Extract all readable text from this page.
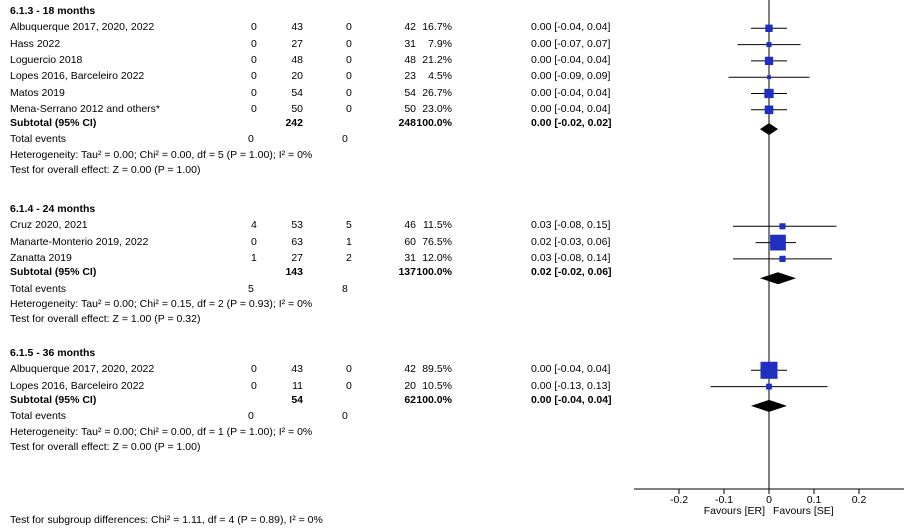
6.1.3 - 18 months
Albuquerque 2017, 2020, 2022	0	43	0	42 16.7%	0.00 [-0.04, 0.04]
Hass 2022	0	27	0	31	7.9%	0.00 [-0.07, 0.07]
Loguercio 2018	0	48	0	48 21.2%	0.00 [-0.04, 0.04]
Lopes 2016, Barceleiro 2022	0	20	0	23	4.5%	0.00 [-0.09, 0.09]
Matos 2019	0	54	0	54 26.7%	0.00 [-0.04, 0.04]
Mena-Serrano 2012 and others*	0	50	0	50 23.0%	0.00 [-0.04, 0.04]
Subtotal (95% CI)	242	248 100.0%	0.00 [-0.02, 0.02]
Total events	0	0
Heterogeneity: Tau² = 0.00; Chi² = 0.00, df = 5 (P = 1.00); I² = 0%
Test for overall effect: Z = 0.00 (P = 1.00)
6.1.4 - 24 months
Cruz 2020, 2021	4	53	5	46 11.5%	0.03 [-0.08, 0.15]
Manarte-Monterio 2019, 2022	0	63	1	60 76.5%	0.02 [-0.03, 0.06]
Zanatta 2019	1	27	2	31 12.0%	0.03 [-0.08, 0.14]
Subtotal (95% CI)	143	137 100.0%	0.02 [-0.02, 0.06]
Total events	5	8
Heterogeneity: Tau² = 0.00; Chi² = 0.15, df = 2 (P = 0.93); I² = 0%
Test for overall effect: Z = 1.00 (P = 0.32)
6.1.5 - 36 months
Albuquerque 2017, 2020, 2022	0	43	0	42 89.5%	0.00 [-0.04, 0.04]
Lopes 2016, Barceleiro 2022	0	11	0	20 10.5%	0.00 [-0.13, 0.13]
Subtotal (95% CI)	54	62 100.0%	0.00 [-0.04, 0.04]
Total events	0	0
Heterogeneity: Tau² = 0.00; Chi² = 0.00, df = 1 (P = 1.00); I² = 0%
Test for overall effect: Z = 0.00 (P = 1.00)
-0.2	-0.1	0	0.1	0.2
Favours [ER] Favours [SE]
Test for subgroup differences: Chi² = 1.11, df = 4 (P = 0.89), I² = 0%
